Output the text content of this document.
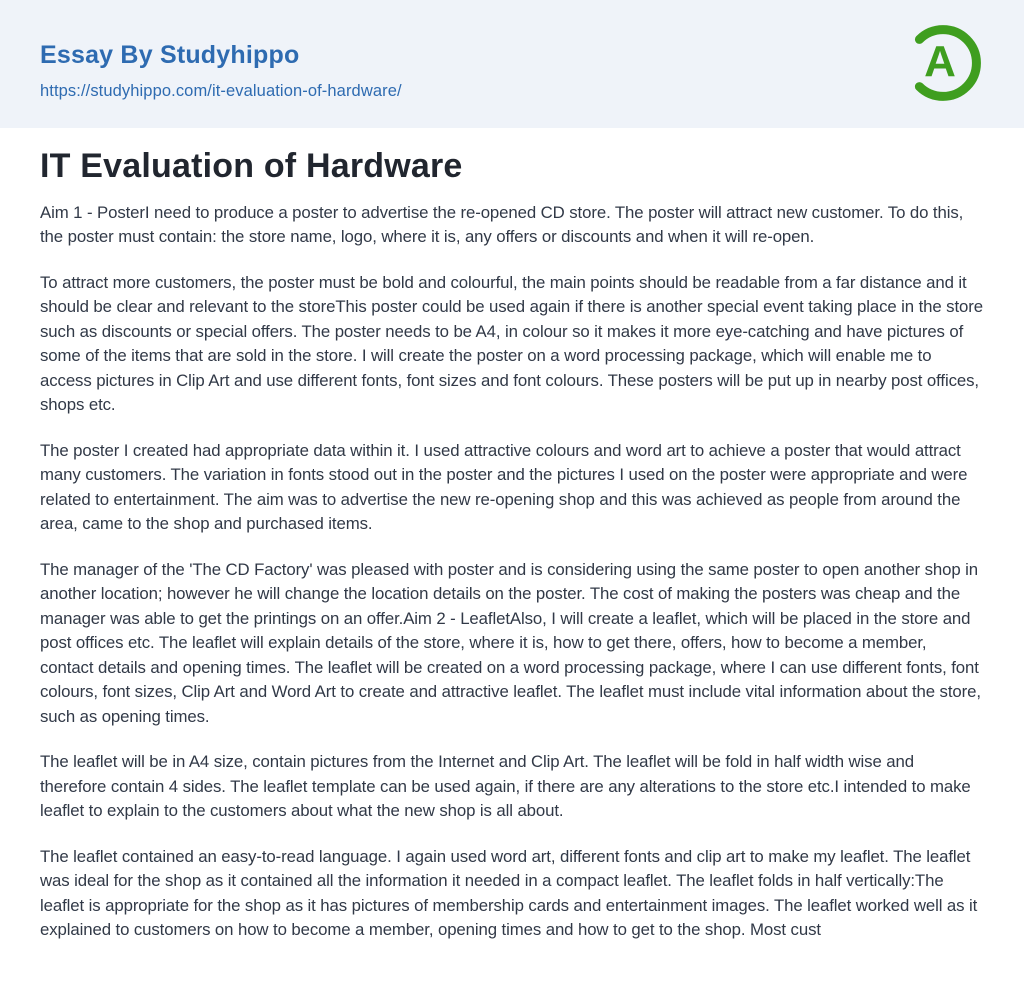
Essay By Studyhippo
https://studyhippo.com/it-evaluation-of-hardware/
A
IT Evaluation of Hardware

Aim 1 - PosterI need to produce a poster to advertise the re-opened CD store. The poster will attract new customer. To do this, the poster must contain: the store name, logo, where it is, any offers or discounts and when it will re-open.

To attract more customers, the poster must be bold and colourful, the main points should be readable from a far distance and it should be clear and relevant to the storeThis poster could be used again if there is another special event taking place in the store such as discounts or special offers. The poster needs to be A4, in colour so it makes it more eye-catching and have pictures of some of the items that are sold in the store. I will create the poster on a word processing package, which will enable me to access pictures in Clip Art and use different fonts, font sizes and font colours. These posters will be put up in nearby post offices, shops etc.

The poster I created had appropriate data within it. I used attractive colours and word art to achieve a poster that would attract many customers. The variation in fonts stood out in the poster and the pictures I used on the poster were appropriate and were related to entertainment. The aim was to advertise the new re-opening shop and this was achieved as people from around the area, came to the shop and purchased items.

The manager of the 'The CD Factory' was pleased with poster and is considering using the same poster to open another shop in another location; however he will change the location details on the poster. The cost of making the posters was cheap and the manager was able to get the printings on an offer.Aim 2 - LeafletAlso, I will create a leaflet, which will be placed in the store and post offices etc. The leaflet will explain details of the store, where it is, how to get there, offers, how to become a member, contact details and opening times. The leaflet will be created on a word processing package, where I can use different fonts, font colours, font sizes, Clip Art and Word Art to create and attractive leaflet. The leaflet must include vital information about the store, such as opening times.

The leaflet will be in A4 size, contain pictures from the Internet and Clip Art. The leaflet will be fold in half width wise and therefore contain 4 sides. The leaflet template can be used again, if there are any alterations to the store etc.I intended to make leaflet to explain to the customers about what the new shop is all about.

The leaflet contained an easy-to-read language. I again used word art, different fonts and clip art to make my leaflet. The leaflet was ideal for the shop as it contained all the information it needed in a compact leaflet. The leaflet folds in half vertically:The leaflet is appropriate for the shop as it has pictures of membership cards and entertainment images. The leaflet worked well as it explained to customers on how to become a member, opening times and how to get to the shop. Most cust
